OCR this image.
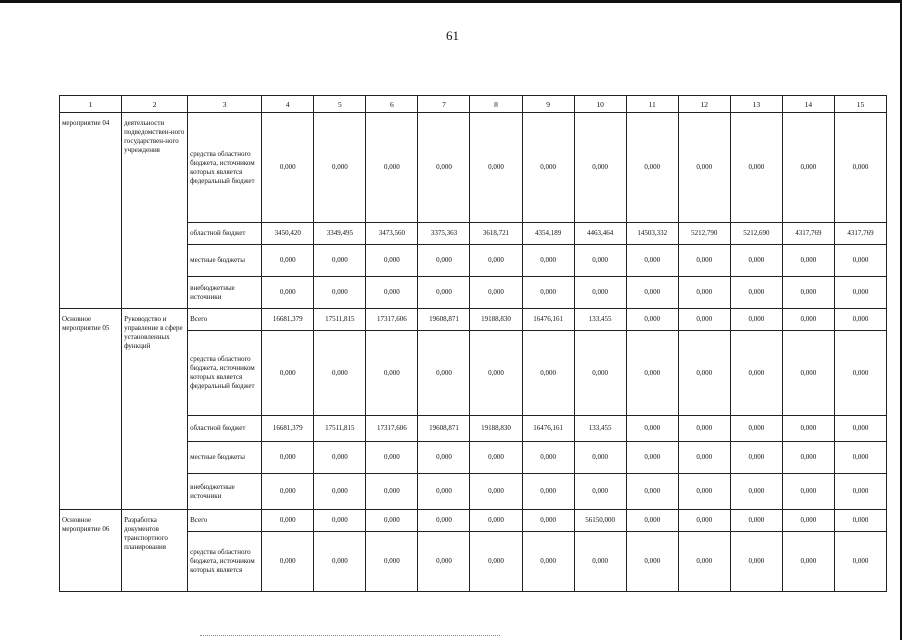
61
1	2	3	4	5	6	7	8	9	10	11	12	13	14	15
мероприятие 04	деятельности подведомствен-ного государствен-ного учреждения	средства областного бюджета, источником которых является федеральный бюджет	0,000	0,000	0,000	0,000	0,000	0,000	0,000	0,000	0,000	0,000	0,000	0,000
		областной бюджет	3450,420	3349,495	3473,560	3375,363	3618,721	4354,189	4463,464	14503,332	5212,790	5212,690	4317,769	4317,769
		местные бюджеты	0,000	0,000	0,000	0,000	0,000	0,000	0,000	0,000	0,000	0,000	0,000	0,000
		внебюджетные источники	0,000	0,000	0,000	0,000	0,000	0,000	0,000	0,000	0,000	0,000	0,000	0,000
Основное мероприятие 05	Руководство и управление в сфере установленных функций	Всего	16681,379	17511,815	17317,606	19608,871	19188,830	16476,161	133,455	0,000	0,000	0,000	0,000	0,000
		средства областного бюджета, источником которых является федеральный бюджет	0,000	0,000	0,000	0,000	0,000	0,000	0,000	0,000	0,000	0,000	0,000	0,000
		областной бюджет	16681,379	17511,815	17317,606	19608,871	19188,830	16476,161	133,455	0,000	0,000	0,000	0,000	0,000
		местные бюджеты	0,000	0,000	0,000	0,000	0,000	0,000	0,000	0,000	0,000	0,000	0,000	0,000
		внебюджетные источники	0,000	0,000	0,000	0,000	0,000	0,000	0,000	0,000	0,000	0,000	0,000	0,000
Основное мероприятие 06	Разработка документов транспортного планирования	Всего	0,000	0,000	0,000	0,000	0,000	0,000	56150,000	0,000	0,000	0,000	0,000	0,000
		средства областного бюджета, источником которых является	0,000	0,000	0,000	0,000	0,000	0,000	0,000	0,000	0,000	0,000	0,000	0,000
